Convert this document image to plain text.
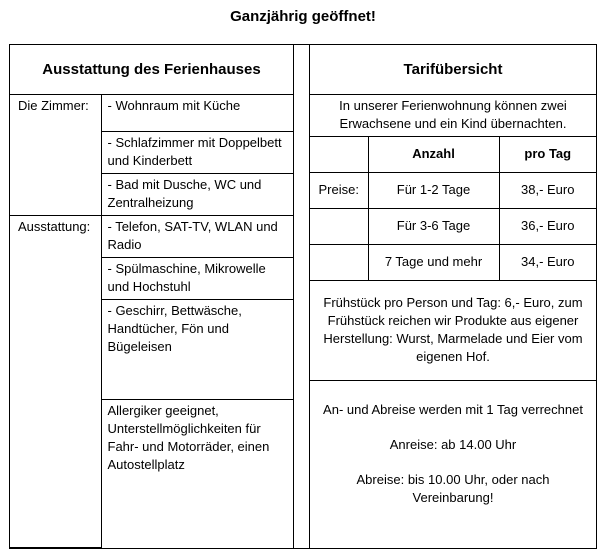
Ganzjährig geöffnet!
Ausstattung des Ferienhauses		Tarifübersicht

Die Zimmer:	- Wohnraum mit Küche
- Schlafzimmer mit Doppelbett und Kinderbett
- Bad mit Dusche, WC und Zentralheizung
Ausstattung:	- Telefon, SAT-TV, WLAN und Radio
- Spülmaschine, Mikrowelle und Hochstuhl
- Geschirr, Bettwäsche, Handtücher, Fön und Bügeleisen
Allergiker geeignet, Unterstellmöglichkeiten für Fahr- und Motorräder, einen Autostellplatz

In unserer Ferienwohnung können zwei Erwachsene und ein Kind übernachten.
	Anzahl	pro Tag
Preise:	Für 1-2 Tage	38,- Euro
	Für 3-6 Tage	36,- Euro
	7 Tage und mehr	34,- Euro
Frühstück pro Person und Tag: 6,- Euro, zum Frühstück reichen wir Produkte aus eigener Herstellung: Wurst, Marmelade und Eier vom eigenen Hof.

An- und Abreise werden mit 1 Tag verrechnet
Anreise: ab 14.00 Uhr
Abreise: bis 10.00 Uhr, oder nach Vereinbarung!
